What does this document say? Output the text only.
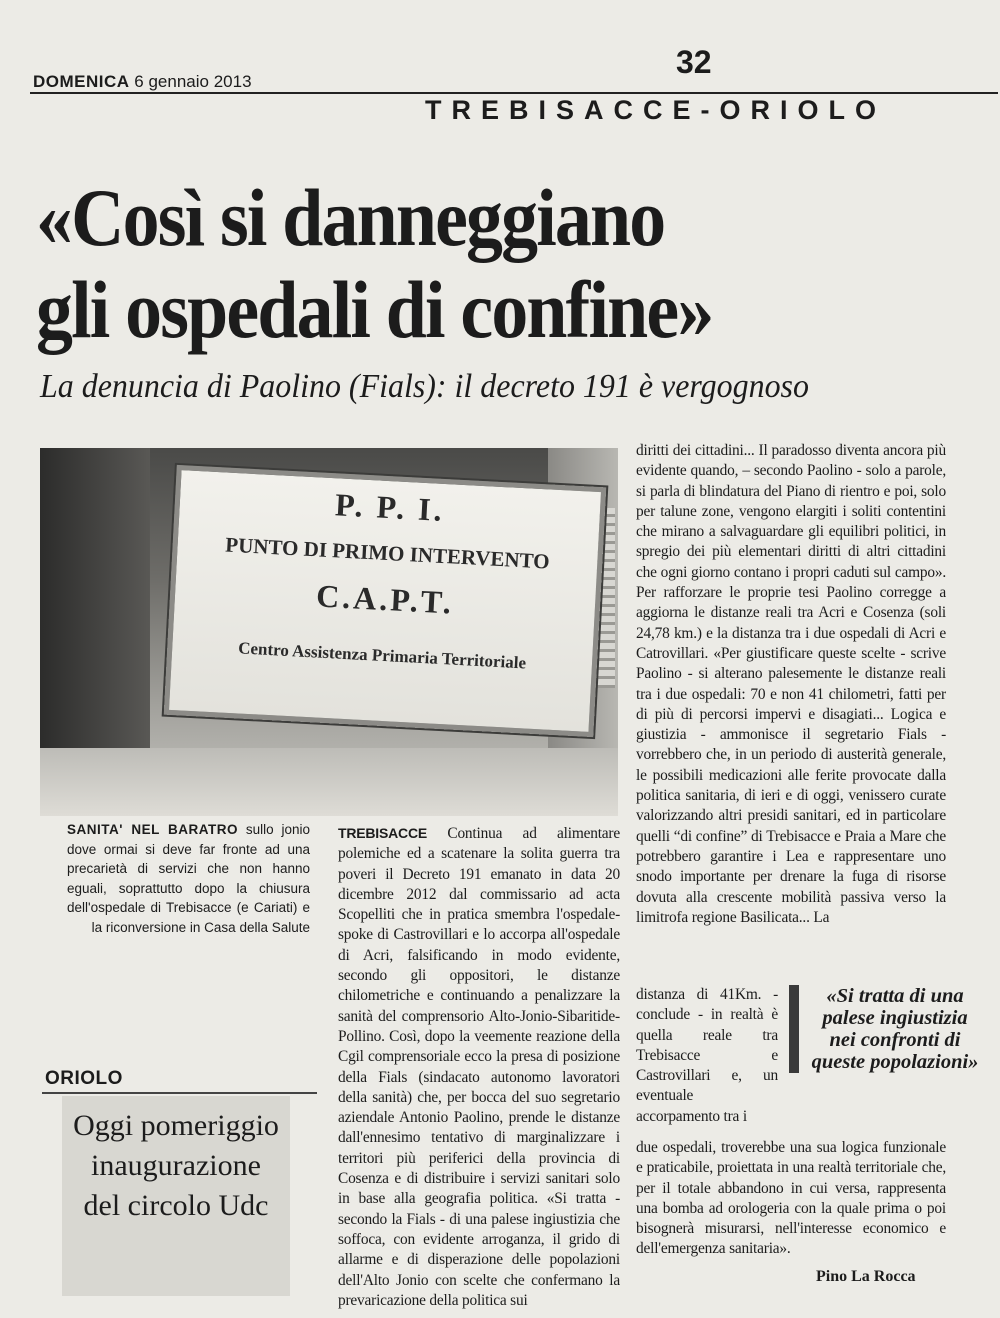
DOMENICA 6 gennaio 2013
32
TREBISACCE-ORIOLO
«Così si danneggiano
gli ospedali di confine»
La denuncia di Paolino (Fials): il decreto 191 è vergognoso
P. P. I.
PUNTO DI PRIMO INTERVENTO
C.A.P.T.
Centro Assistenza Primaria Territoriale
SANITA' NEL BARATRO sullo jonio dove ormai si deve far fronte ad una precarietà di servizi che non hanno eguali, soprattutto dopo la chiusura dell'ospedale di Trebisacce (e Cariati) e la riconversione in Casa della Salute
TREBISACCE Continua ad alimentare polemiche ed a scatenare la solita guerra tra poveri il Decreto 191 emanato in data 20 dicembre 2012 dal commissario ad acta Scopelliti che in pratica smembra l'ospedale-spoke di Castrovillari e lo accorpa all'ospedale di Acri, falsificando in modo evidente, secondo gli oppositori, le distanze chilometriche e continuando a penalizzare la sanità del comprensorio Alto-Jonio-Sibaritide-Pollino. Così, dopo la veemente reazione della Cgil comprensoriale ecco la presa di posizione della Fials (sindacato autonomo lavoratori della sanità) che, per bocca del suo segretario aziendale Antonio Paolino, prende le distanze dall'ennesimo tentativo di marginalizzare i territori più periferici della provincia di Cosenza e di distribuire i servizi sanitari solo in base alla geografia politica. «Si tratta - secondo la Fials - di una palese ingiustizia che soffoca, con evidente arroganza, il grido di allarme e di disperazione delle popolazioni dell'Alto Jonio con scelte che confermano la prevaricazione della politica sui
diritti dei cittadini... Il paradosso diventa ancora più evidente quando, – secondo Paolino - solo a parole, si parla di blindatura del Piano di rientro e poi, solo per talune zone, vengono elargiti i soliti contentini che mirano a salvaguardare gli equilibri politici, in spregio dei più elementari diritti di altri cittadini che ogni giorno contano i propri caduti sul campo». Per rafforzare le proprie tesi Paolino corregge a aggiorna le distanze reali tra Acri e Cosenza (soli 24,78 km.) e la distanza tra i due ospedali di Acri e Catrovillari. «Per giustificare queste scelte - scrive Paolino - si alterano palesemente le distanze reali tra i due ospedali: 70 e non 41 chilometri, fatti per di più di percorsi impervi e disagiati... Logica e giustizia - ammonisce il segretario Fials - vorrebbero che, in un periodo di austerità generale, le possibili medicazioni alle ferite provocate dalla politica sanitaria, di ieri e di oggi, venissero curate valorizzando altri presidi sanitari, ed in particolare quelli “di confine” di Trebisacce e Praia a Mare che potrebbero garantire i Lea e rappresentare uno snodo importante per drenare la fuga di risorse dovuta alla crescente mobilità passiva verso la limitrofa regione Basilicata... La
distanza di 41Km. - conclude - in realtà è quella reale tra Trebisacce e Castrovillari e, un eventuale accorpamento tra i
«Si tratta di una palese ingiustizia nei confronti di queste popolazioni»
due ospedali, troverebbe una sua logica funzionale e praticabile, proiettata in una realtà territoriale che, per il totale abbandono in cui versa, rappresenta una bomba ad orologeria con la quale prima o poi bisognerà misurarsi, nell'interesse economico e dell'emergenza sanitaria».
Pino La Rocca
ORIOLO
Oggi pomeriggio
inaugurazione
del circolo Udc
